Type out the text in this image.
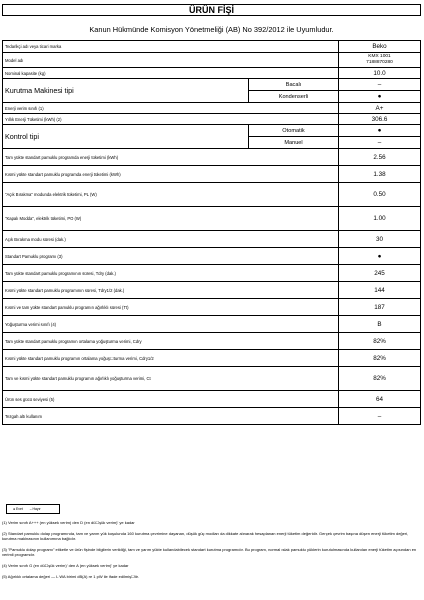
ÜRÜN FİŞİ
Kanun Hükmünde Komisyon Yönetmeliği (AB) No 392/2012 ile Uyumludur.
Tedarikçi adı veya ticari marka		Beko
Model adı		KMX 1001
7188870280

Nominal kapasite (kg)		10.0
Kurutma Makinesi tipi	Bacalı	–
	Kondenserli	●
Enerji verim sınıfı (1)		A+
Yıllık Enerji Tüketimi (kWh) (2)		306.6
Kontrol tipi	Otomatik	●
	Manuel	–
Tam yükte standart pamuklu programda enerji tüketimi (kWh)		2.56
Kısmi yükte standart pamuklu programda enerji tüketimi (kWh)		1.38
"Açık Bırakma" modunda elektrik tüketimi, PL (W)		0.50
"Kapalı Modda", elektrik tüketimi, PO (W)		1.00
Açık Bırakma modu süresi (dak.)		30
Standart Pamuklu programı (3)		●
Tam yükte standart pamuklu programının süresi, Tdry (dak.)		245
Kısmi yükte standart pamuklu programının süresi, Tdry1/2 (dak.)		144
Kısmi ve tam yükte standart pamuklu programın ağırlıklı süresi (Tt)		187
Yoğuşturma verimi sınıfı (4)		B
Tam yükte standart pamuklu programın ortalama yoğuşturma verimi, Cdry		82%
Kısmi yükte standart pamuklu programın ortalama yoğuş☐turma verimi, Cdry1/2		82%
Tam ve kısmi yükte standart pamuklu programın ağırlıklı yoğuşturma verimi, Ct		82%
Ürün ses gücü seviyesi (5)		64
Tezgah altı kullanım		–
● Evet – Hayır

(1) Verim sınıfı A+++ (en yüksek verim) den D (en dü☐şük verim)' ye kadar

(2) Standart pamuklu dolap programında, tam ve yarım yük koşulunda 160 kurutma çevrimine dayanan, düşük güç modları da dikkate alınarak hesaplanan enerji tüketim değeridir. Gerçek çevrim başına düşen enerji tüketim değeri, kurutma makinasının kullanımına bağlıdır.

(3) "Pamuklu dolap programı" etiketle ve ürün fişinde bilgilerin verildiği, tam ve yarım yükte kullanılabilecek standart kurutma programıdır. Bu program, normal ıslak pamuklu yüklerin kurutulmasında kullanılan enerji tüketim açısından en verimli programdır.

(4) Verim sınıfı G (en dü☐şük verim)' den A (en yüksek verim)' ye kadar

(5) Ağırlıklı ortalama değeri — L WA birimi dB(A) re 1 pW ile ifade edilmiş☐tir.
